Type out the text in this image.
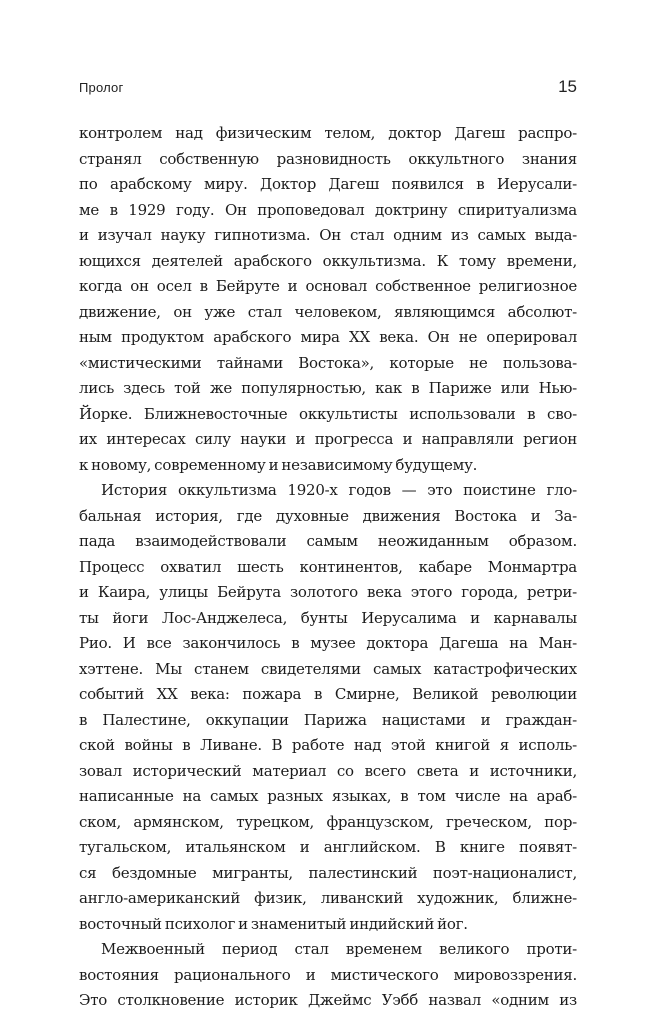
Пролог	15

контролем над физическим телом, доктор Дагеш распро-
странял собственную разновидность оккультного знания
по арабскому миру. Доктор Дагеш появился в Иерусали-
ме в 1929 году. Он проповедовал доктрину спиритуализма
и изучал науку гипнотизма. Он стал одним из самых выда-
ющихся деятелей арабского оккультизма. К тому времени,
когда он осел в Бейруте и основал собственное религиозное
движение, он уже стал человеком, являющимся абсолют-
ным продуктом арабского мира XX века. Он не оперировал
«мистическими тайнами Востока», которые не пользова-
лись здесь той же популярностью, как в Париже или Нью-
Йорке. Ближневосточные оккультисты использовали в сво-
их интересах силу науки и прогресса и направляли регион
к новому, современному и независимому будущему.

История оккультизма 1920-х годов — это поистине гло-
бальная история, где духовные движения Востока и За-
пада взаимодействовали самым неожиданным образом.
Процесс охватил шесть континентов, кабаре Монмартра
и Каира, улицы Бейрута золотого века этого города, ретри-
ты йоги Лос-Анджелеса, бунты Иерусалима и карнавалы
Рио. И все закончилось в музее доктора Дагеша на Ман-
хэттене. Мы станем свидетелями самых катастрофических
событий XX века: пожара в Смирне, Великой революции
в Палестине, оккупации Парижа нацистами и граждан-
ской войны в Ливане. В работе над этой книгой я исполь-
зовал исторический материал со всего света и источники,
написанные на самых разных языках, в том числе на араб-
ском, армянском, турецком, французском, греческом, пор-
тугальском, итальянском и английском. В книге появят-
ся бездомные мигранты, палестинский поэт-националист,
англо-американский физик, ливанский художник, ближне-
восточный психолог и знаменитый индийский йог.

Межвоенный период стал временем великого проти-
востояния рационального и мистического мировоззрения.
Это столкновение историк Джеймс Уэбб назвал «одним из
